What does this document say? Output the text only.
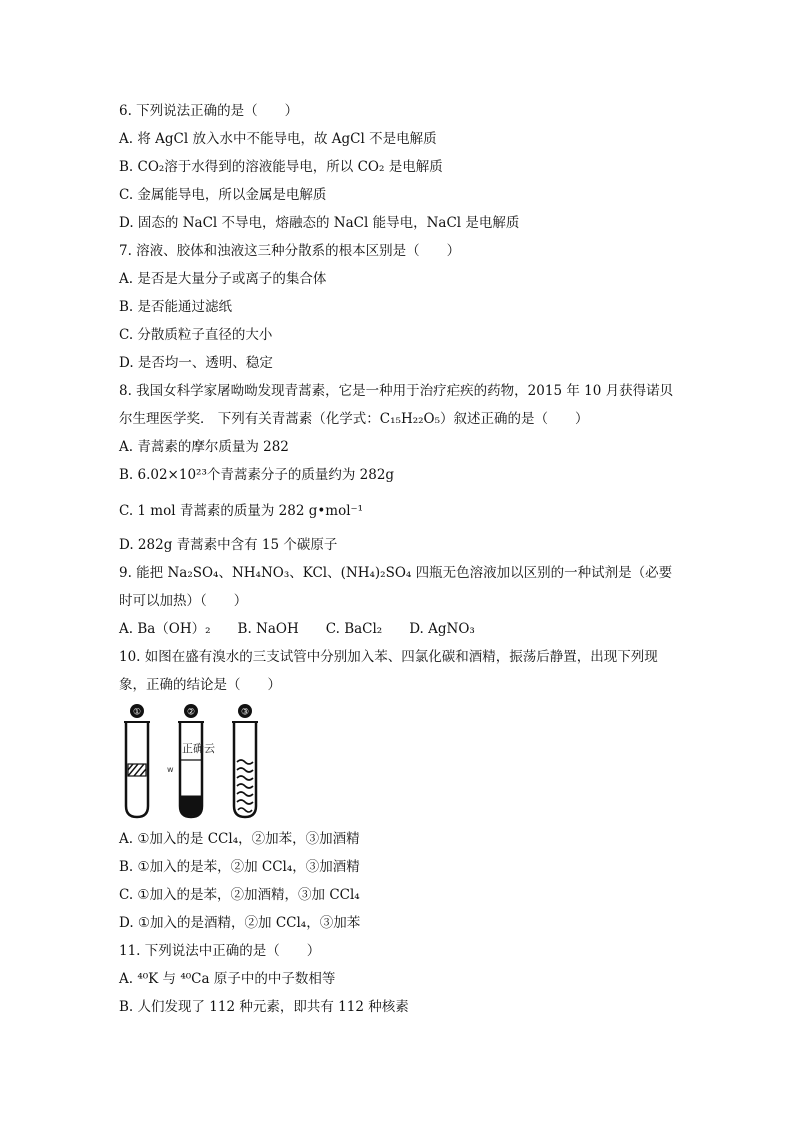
6. 下列说法正确的是（　　）
A. 将 AgCl 放入水中不能导电，故 AgCl 不是电解质
B. CO₂溶于水得到的溶液能导电，所以 CO₂ 是电解质
C. 金属能导电，所以金属是电解质
D. 固态的 NaCl 不导电，熔融态的 NaCl 能导电，NaCl 是电解质
7. 溶液、胶体和浊液这三种分散系的根本区别是（　　）
A. 是否是大量分子或离子的集合体
B. 是否能通过滤纸
C. 分散质粒子直径的大小
D. 是否均一、透明、稳定
8. 我国女科学家屠呦呦发现青蒿素，它是一种用于治疗疟疾的药物，2015 年 10 月获得诺贝
尔生理医学奖． 下列有关青蒿素（化学式：C₁₅H₂₂O₅）叙述正确的是（　　）
A. 青蒿素的摩尔质量为 282
B. 6.02×10²³个青蒿素分子的质量约为 282g
C. 1 mol 青蒿素的质量为 282 g•mol⁻¹
D. 282g 青蒿素中含有 15 个碳原子
9. 能把 Na₂SO₄、NH₄NO₃、KCl、(NH₄)₂SO₄ 四瓶无色溶液加以区别的一种试剂是（必要
时可以加热）（　　）
A. Ba（OH）₂　　B. NaOH　　C. BaCl₂　　D. AgNO₃
10. 如图在盛有溴水的三支试管中分别加入苯、四氯化碳和酒精，振荡后静置，出现下列现
象，正确的结论是（　　）
①	②
w
正确云
③
A. ①加入的是 CCl₄，②加苯，③加酒精
B. ①加入的是苯，②加 CCl₄，③加酒精
C. ①加入的是苯，②加酒精，③加 CCl₄
D. ①加入的是酒精，②加 CCl₄，③加苯
11. 下列说法中正确的是（　　）
A. ⁴⁰K 与 ⁴⁰Ca 原子中的中子数相等
B. 人们发现了 112 种元素，即共有 112 种核素
